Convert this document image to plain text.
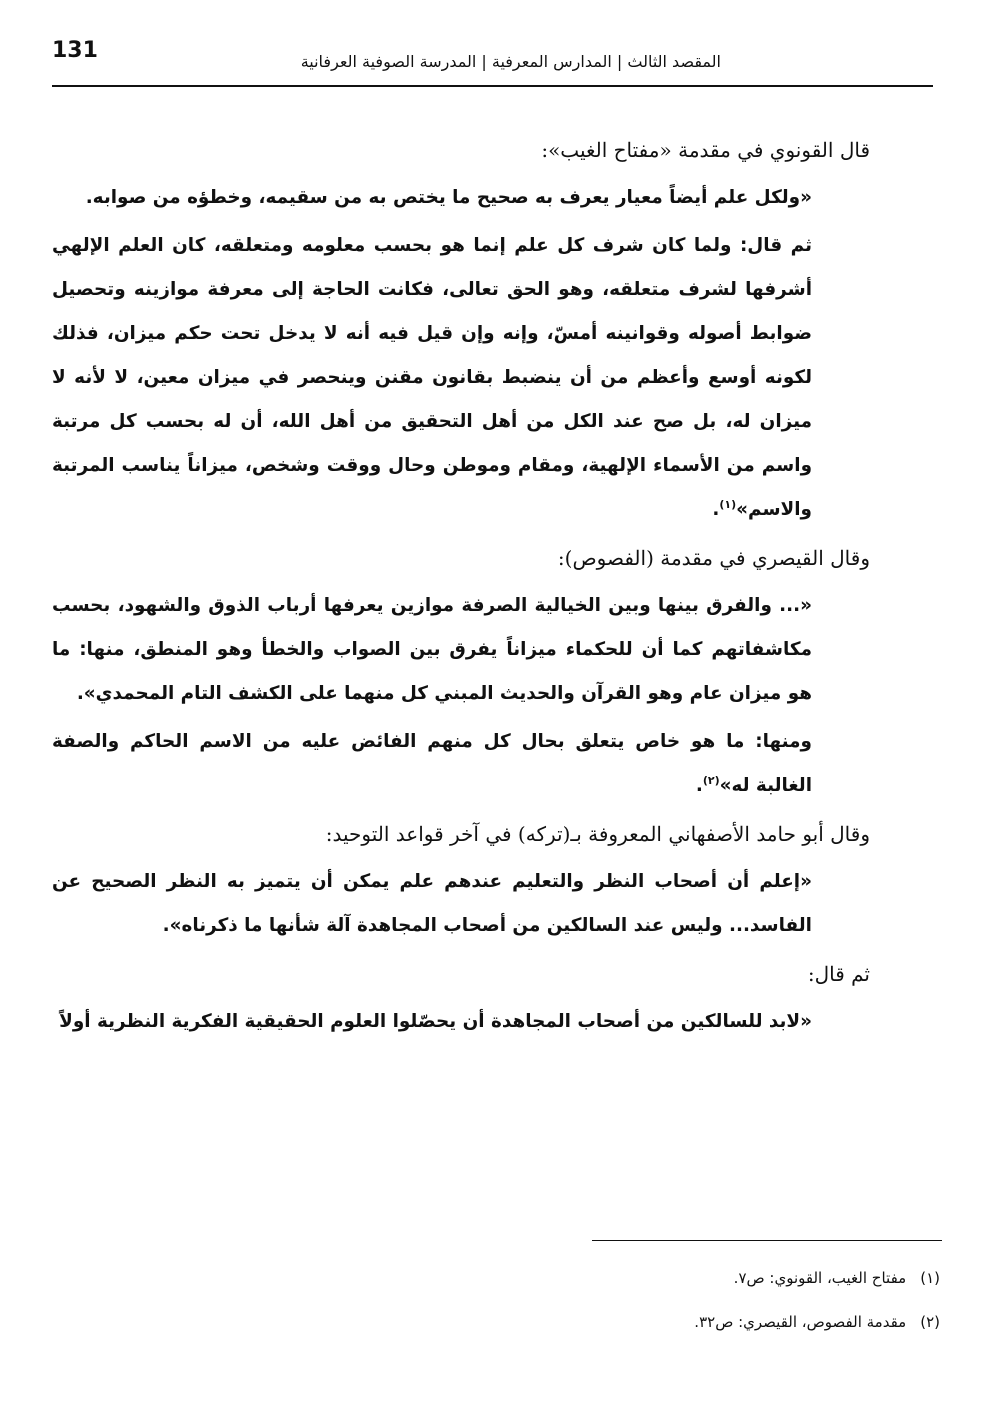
131	المقصد الثالث | المدارس المعرفية | المدرسة الصوفية العرفانية

قال القونوي في مقدمة «مفتاح الغيب»:

«ولكل علم أيضاً معيار يعرف به صحيح ما يختص به من سقيمه، وخطؤه من صوابه.

ثم قال: ولما كان شرف كل علم إنما هو بحسب معلومه ومتعلقه، كان العلم الإلهي أشرفها لشرف متعلقه، وهو الحق تعالى، فكانت الحاجة إلى معرفة موازينه وتحصيل ضوابط أصوله وقوانينه أمسّ، وإنه وإن قيل فيه أنه لا يدخل تحت حكم ميزان، فذلك لكونه أوسع وأعظم من أن ينضبط بقانون مقنن وينحصر في ميزان معين، لا لأنه لا ميزان له، بل صح عند الكل من أهل التحقيق من أهل الله، أن له بحسب كل مرتبة واسم من الأسماء الإلهية، ومقام وموطن وحال ووقت وشخص، ميزاناً يناسب المرتبة والاسم»$^{(١)}$.

وقال القيصري في مقدمة (الفصوص):

«... والفرق بينها وبين الخيالية الصرفة موازين يعرفها أرباب الذوق والشهود، بحسب مكاشفاتهم كما أن للحكماء ميزاناً يفرق بين الصواب والخطأ وهو المنطق، منها: ما هو ميزان عام وهو القرآن والحديث المبني كل منهما على الكشف التام المحمدي».

ومنها: ما هو خاص يتعلق بحال كل منهم الفائض عليه من الاسم الحاكم والصفة الغالبة له»$^{(٢)}$.

وقال أبو حامد الأصفهاني المعروفة بـ(تركه) في آخر قواعد التوحيد:

«إعلم أن أصحاب النظر والتعليم عندهم علم يمكن أن يتميز به النظر الصحيح عن الفاسد... وليس عند السالكين من أصحاب المجاهدة آلة شأنها ما ذكرناه».

ثم قال:

«لابد للسالكين من أصحاب المجاهدة أن يحصّلوا العلوم الحقيقية الفكرية النظرية أولاً

(١)مفتاح الغيب، القونوي: ص٧.

(٢)مقدمة الفصوص، القيصري: ص٣٢.
